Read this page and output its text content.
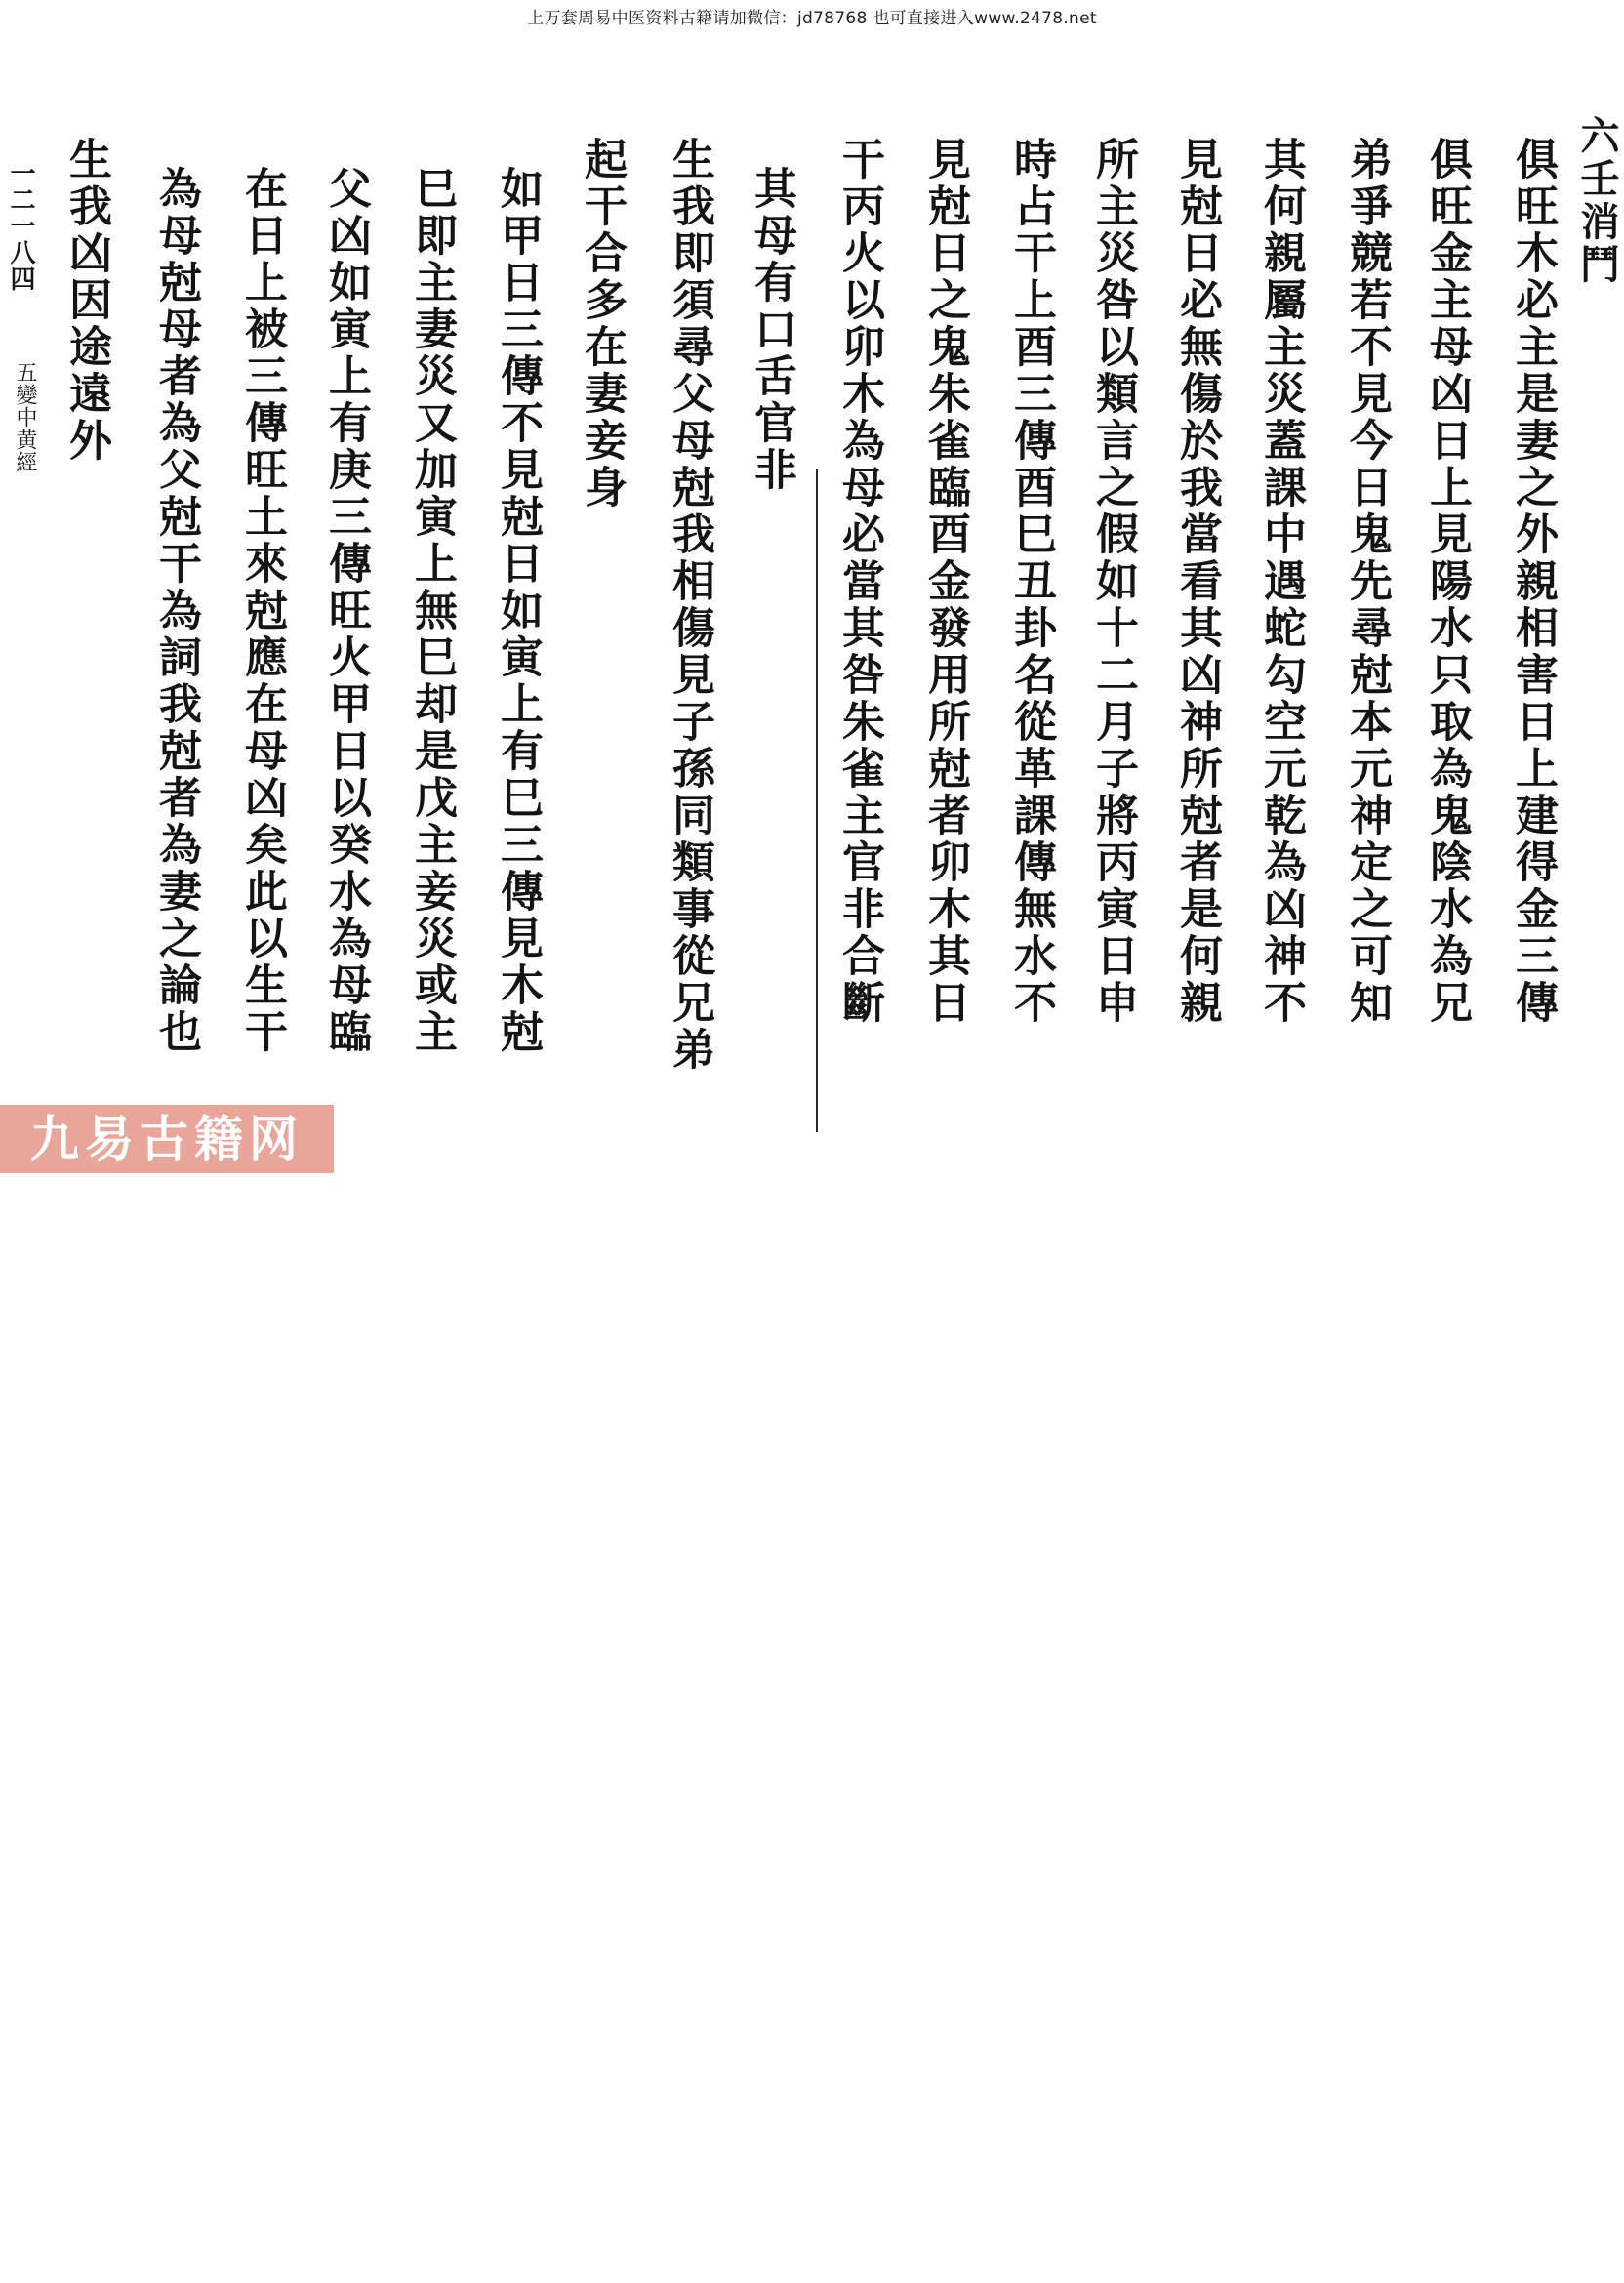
上万套周易中医资料古籍请加微信：jd78768 也可直接进入www.2478.net
六壬消鬥
俱旺木必主是妻之外親相害日上建得金三傳
俱旺金主母凶日上見陽水只取為鬼陰水為兄
弟爭競若不見今日鬼先尋尅本元神定之可知
其何親屬主災蓋課中遇蛇勾空元乾為凶神不
見尅日必無傷於我當看其凶神所尅者是何親
所主災咎以類言之假如十二月子將丙寅日申
時占干上酉三傳酉巳丑卦名從革課傳無水不
見尅日之鬼朱雀臨酉金發用所尅者卯木其日
干丙火以卯木為母必當其咎朱雀主官非合斷
其母有口舌官非
生我即須尋父母尅我相傷見子孫同類事從兄弟
起干合多在妻妾身
如甲日三傳不見尅日如寅上有巳三傳見木尅
巳即主妻災又加寅上無巳却是戊主妾災或主
父凶如寅上有庚三傳旺火甲日以癸水為母臨
在日上被三傳旺土來尅應在母凶矣此以生干
為母尅母者為父尅干為詞我尅者為妻之論也
生我凶因途遠外
一二一八四
五變中黄經
九易古籍网
